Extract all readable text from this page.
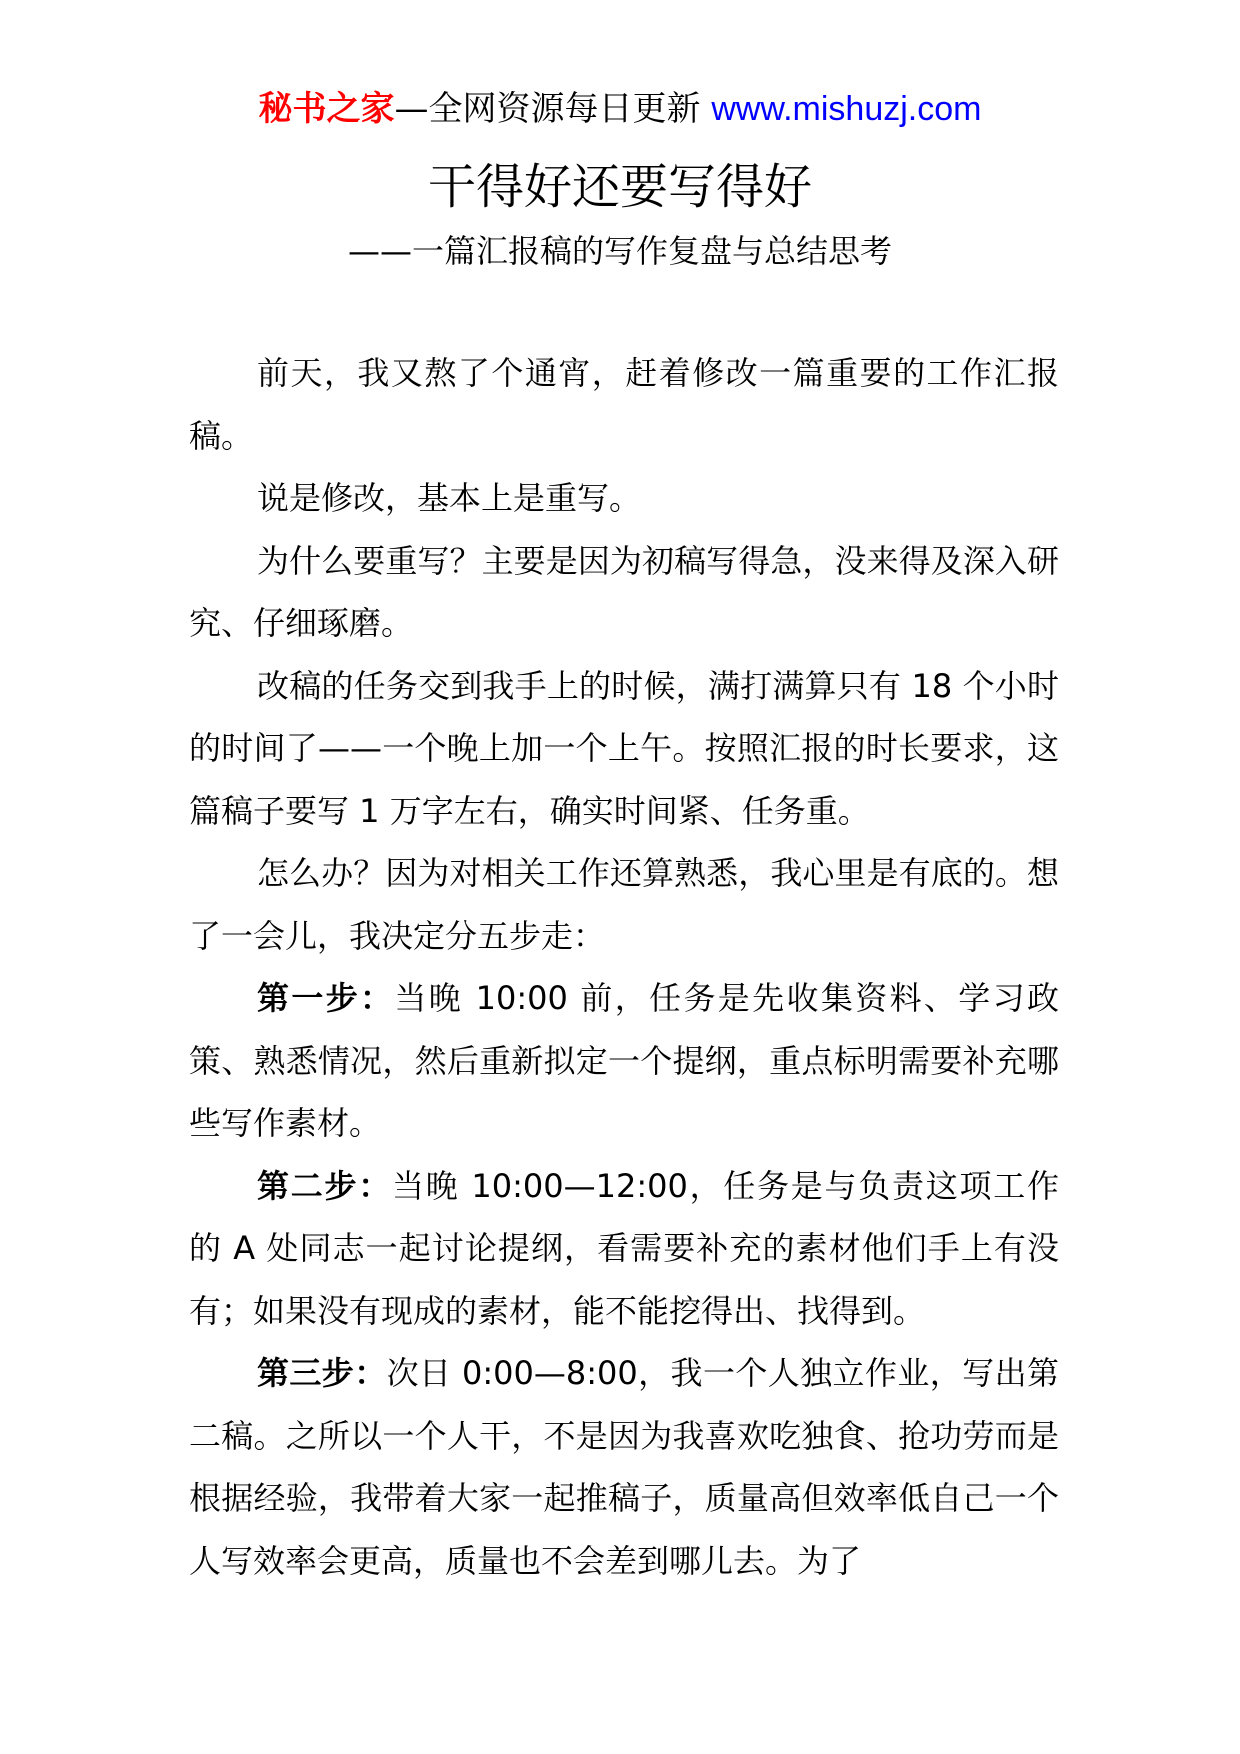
秘书之家—全网资源每日更新 www.mishuzj.com
干得好还要写得好
——一篇汇报稿的写作复盘与总结思考

前天，我又熬了个通宵，赶着修改一篇重要的工作汇报稿。

说是修改，基本上是重写。

为什么要重写？主要是因为初稿写得急，没来得及深入研究、仔细琢磨。

改稿的任务交到我手上的时候，满打满算只有 18 个小时的时间了——一个晚上加一个上午。按照汇报的时长要求，这篇稿子要写 1 万字左右，确实时间紧、任务重。

怎么办？因为对相关工作还算熟悉，我心里是有底的。想了一会儿，我决定分五步走：

第一步：当晚 10:00 前，任务是先收集资料、学习政策、熟悉情况，然后重新拟定一个提纲，重点标明需要补充哪些写作素材。

第二步：当晚 10:00—12:00，任务是与负责这项工作的 A 处同志一起讨论提纲，看需要补充的素材他们手上有没有；如果没有现成的素材，能不能挖得出、找得到。

第三步：次日 0:00—8:00，我一个人独立作业，写出第二稿。之所以一个人干，不是因为我喜欢吃独食、抢功劳而是根据经验，我带着大家一起推稿子，质量高但效率低自己一个人写效率会更高，质量也不会差到哪儿去。为了
